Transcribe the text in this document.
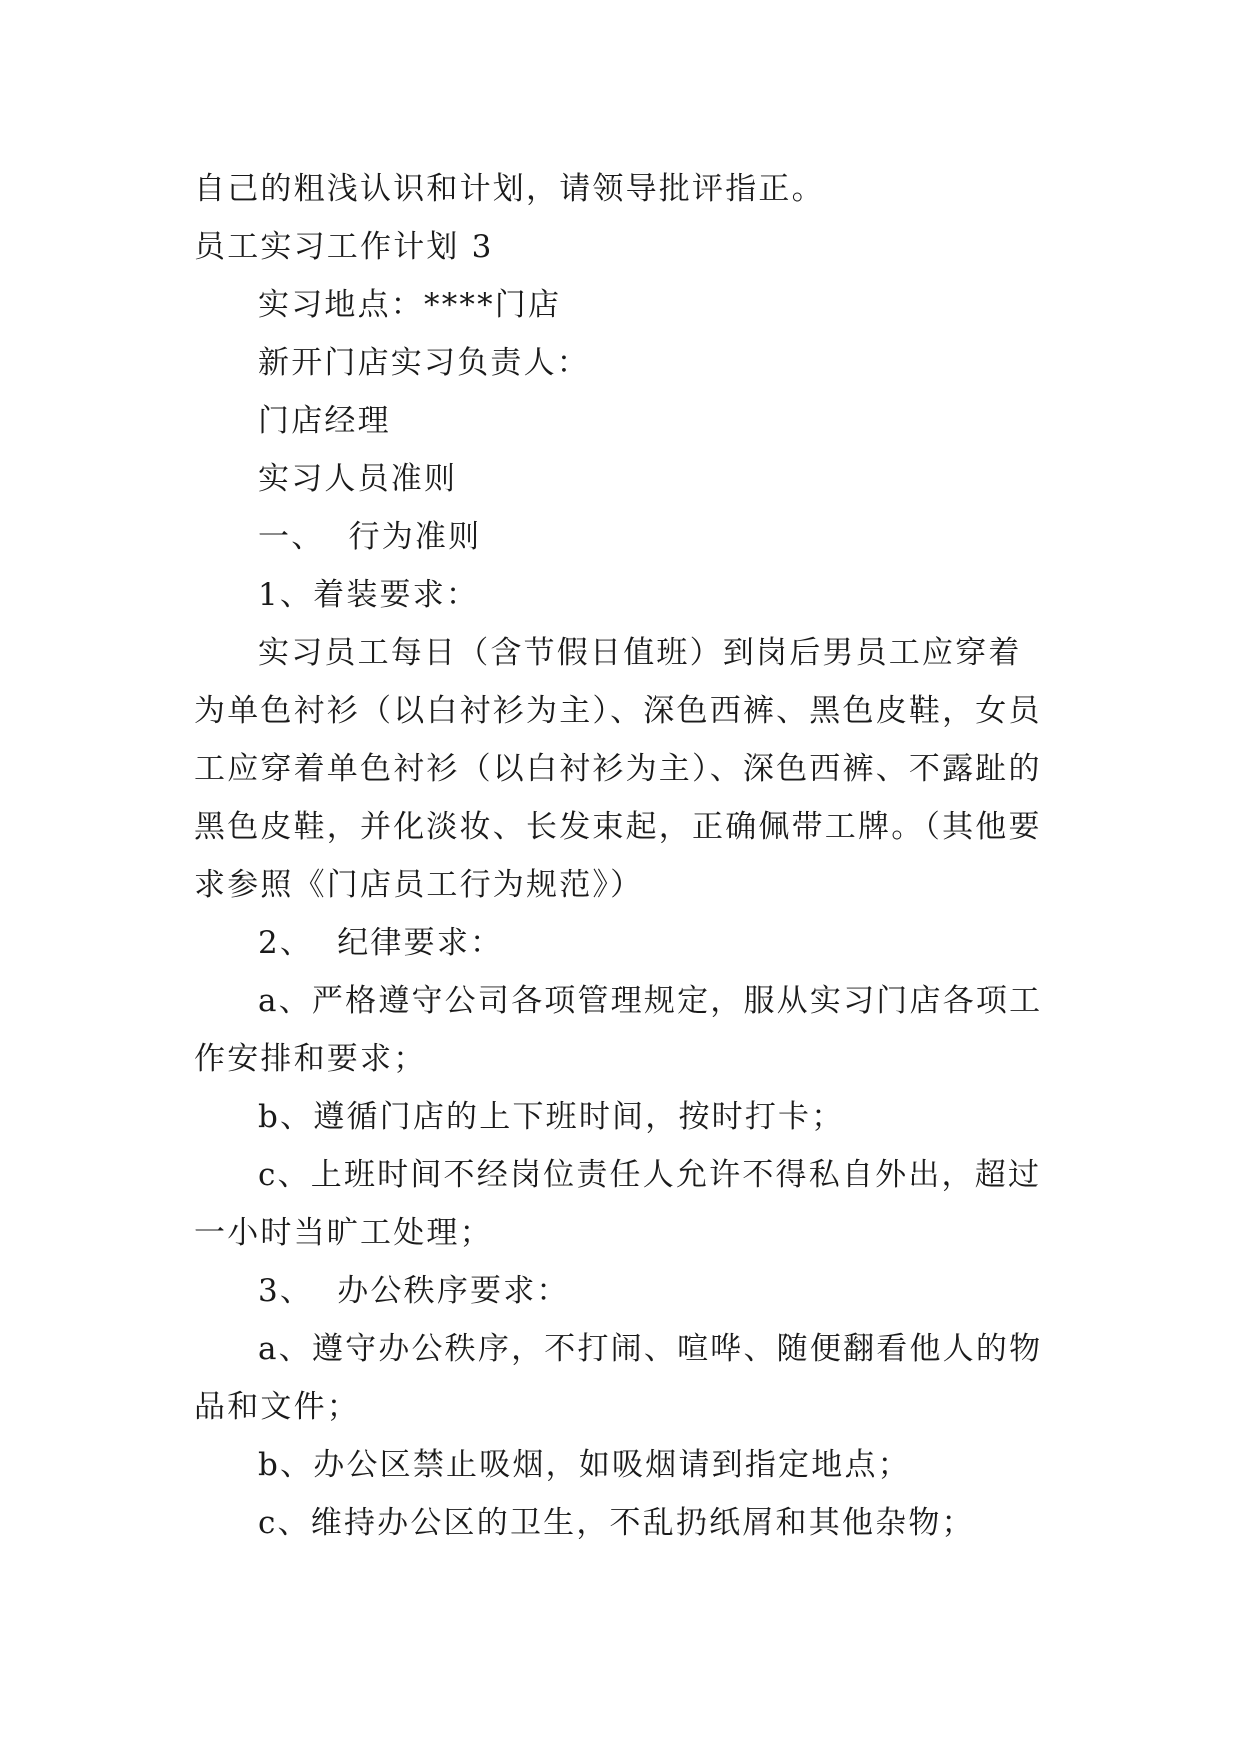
自己的粗浅认识和计划，请领导批评指正。

员工实习工作计划 3

实习地点：****门店

新开门店实习负责人：

门店经理

实习人员准则

一、  行为准则

1、着装要求：

实习员工每日（含节假日值班）到岗后男员工应穿着为单色衬衫（以白衬衫为主）、深色西裤、黑色皮鞋，女员工应穿着单色衬衫（以白衬衫为主）、深色西裤、不露趾的黑色皮鞋，并化淡妆、长发束起，正确佩带工牌。（其他要求参照《门店员工行为规范》）

2、  纪律要求：

a、严格遵守公司各项管理规定，服从实习门店各项工作安排和要求；

b、遵循门店的上下班时间，按时打卡；

c、上班时间不经岗位责任人允许不得私自外出，超过一小时当旷工处理；

3、  办公秩序要求：

a、遵守办公秩序，不打闹、喧哗、随便翻看他人的物品和文件；

b、办公区禁止吸烟，如吸烟请到指定地点；

c、维持办公区的卫生，不乱扔纸屑和其他杂物；
